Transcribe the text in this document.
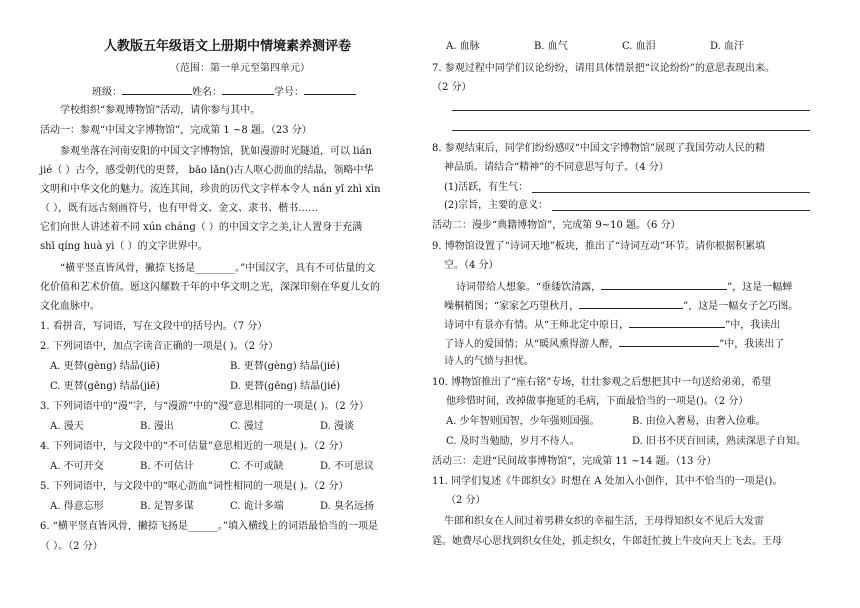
人教版五年级语文上册期中情境素养测评卷
（范围：第一单元至第四单元）
班级：	姓名：	学号：
学校组织“参观博物馆”活动，请你参与其中。
活动一：参观“中国文字博物馆”，完成第 1 ~8 题。（23 分）
参观坐落在河南安阳的中国文字博物馆，犹如漫游时光隧道，可以 lián
jié（ ）古今，感受朝代的更替， bāo lǎn()古人呕心沥血的结晶，领略中华
文明和中华文化的魅力。流连其间，珍贵的历代文字样本令人 nán yǐ zhì xìn
（ ），既有远古刻画符号，也有甲骨文、金文、隶书、楷书……
它们向世人讲述着不同 xún cháng（ ）的中国文字之美,让人置身于充满
shī qíng huà yì（ ）的文字世界中。
“横平竖直皆风骨，撇捺飞扬是________。”中国汉字，具有不可估量的文
化价值和艺术价值。愿这闪耀数千年的中华文明之光，深深印刻在华夏儿女的
文化血脉中。
1. 看拼音，写词语，写在文段中的括号内。（7 分）
2. 下列词语中，加点字读音正确的一项是( )。（2 分）
A. 更替(gèng) 结晶(jiē)	B. 更替(gèng) 结晶(jié)
C. 更替(gēng) 结晶(jiē)	D. 更替(gēng) 结晶(jié)
3. 下列词语中的“漫”字，与“漫游”中的“漫”意思相同的一项是( )。（2 分）
A. 漫天	B. 漫出	C. 漫过	D. 漫谈
4. 下列词语中，与文段中的“不可估量”意思相近的一项是( )。（2 分）
A. 不可开交	B. 不可估计	C. 不可或缺	D. 不可思议
5. 下列词语中，与文段中的“呕心沥血”词性相同的一项是( )。（2 分）
A. 得意忘形	B. 足智多谋	C. 诡计多端	D. 臭名远扬
6. “横平竖直皆风骨，撇捺飞扬是______。”填入横线上的词语最恰当的一项是
（ ）。（2 分）
A. 血脉	B. 血气	C. 血泪	D. 血汗
7. 参观过程中同学们议论纷纷，请用具体情景把“议论纷纷”的意思表现出来。
（2 分）
8. 参观结束后，同学们纷纷感叹“中国文字博物馆”展现了我国劳动人民的精
神品质。请结合“精神”的不同意思写句子。（4 分）
(1)活跃，有生气：
(2)宗旨，主要的意义：
活动二：漫步“典籍博物馆”，完成第 9~10 题。（6 分）
9. 博物馆设置了“诗词天地”板块，推出了“诗词互动”环节。请你根据积累填
空。（4 分）
诗词带给人想象。“垂緌饮清露，	”，这是一幅蝉
噪桐梢图；“家家乞巧望秋月，	”，这是一幅女子乞巧图。
诗词中有景亦有情。从“王师北定中原日，	”中，我读出
了诗人的爱国情；从“暖风熏得游人醉，	”中，我读出了
诗人的气愤与担忧。
10. 博物馆推出了“座右铭”专场，壮壮参观之后想把其中一句送给弟弟，希望
他珍惜时间，改掉做事拖延的毛病，下面最恰当的一项是()。（2 分）
A. 少年智则国智，少年强则国强。	B. 由俭入奢易，由奢入俭难。
C. 及时当勉励，岁月不待人。	D. 旧书不厌百回读，熟读深思子自知。
活动三：走进“民间故事博物馆”，完成第 11 ~14 题。（13 分）
11. 同学们复述《牛郎织女》时想在 A 处加入小创作，其中不恰当的一项是()。
（2 分）
牛郎和织女在人间过着男耕女织的幸福生活，王母得知织女不见后大发雷
霆。她费尽心思找到织女住处，抓走织女，牛郎赶忙披上牛皮向天上飞去。王母
